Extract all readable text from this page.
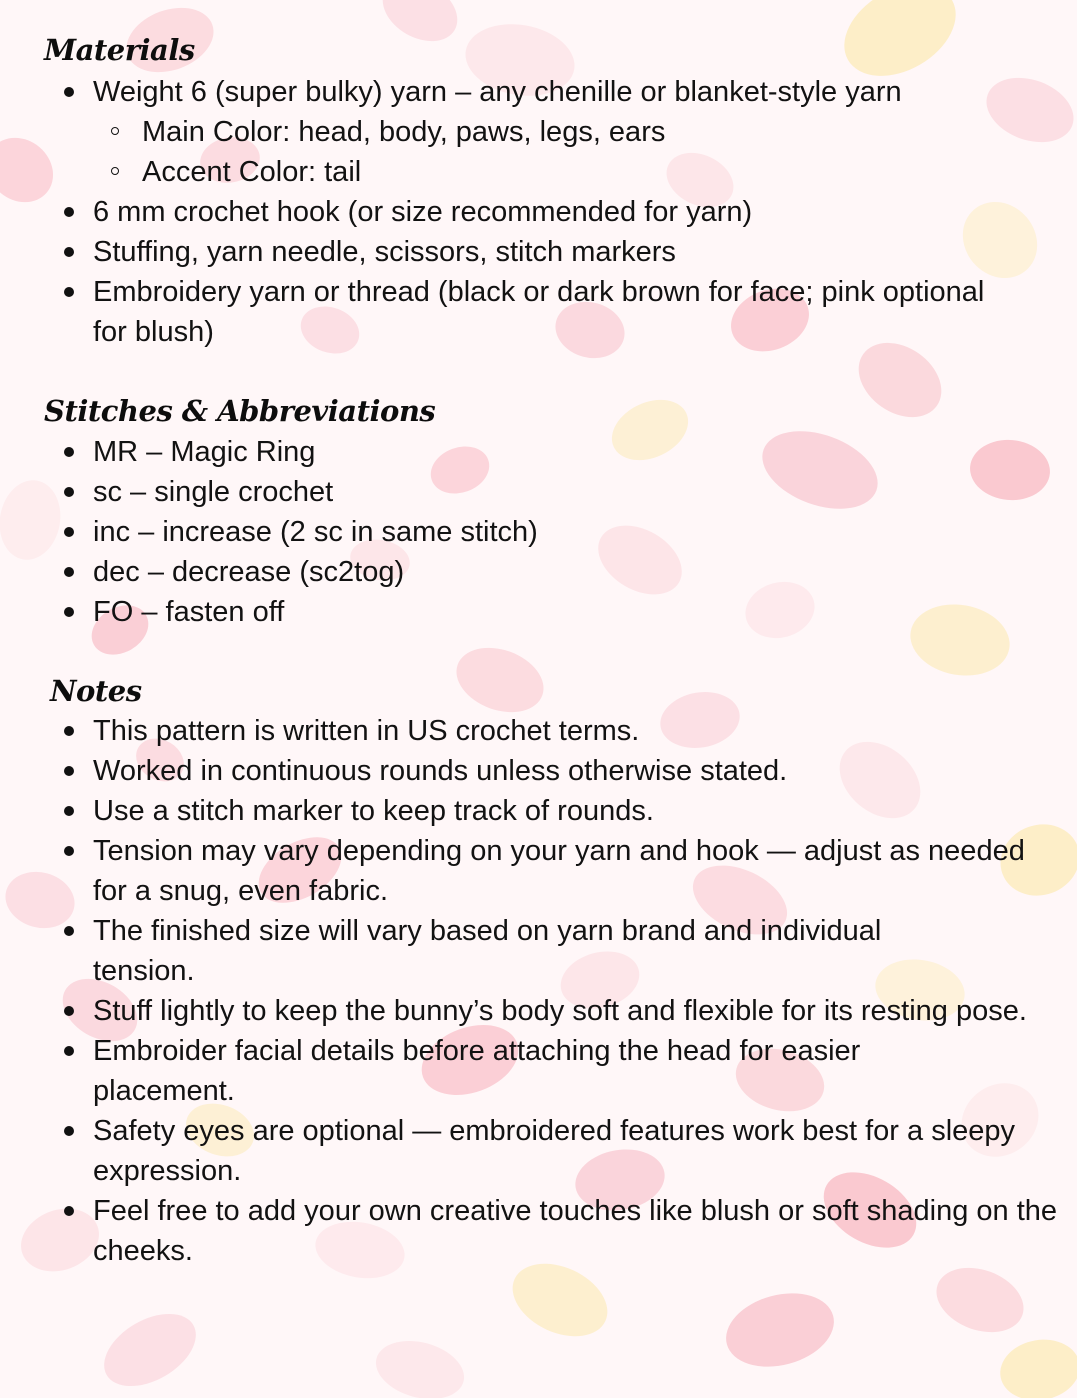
Materials
Weight 6 (super bulky) yarn – any chenille or blanket-style yarn
Main Color: head, body, paws, legs, ears
Accent Color: tail
6 mm crochet hook (or size recommended for yarn)
Stuffing, yarn needle, scissors, stitch markers
Embroidery yarn or thread (black or dark brown for face; pink optional for blush)
Stitches & Abbreviations
MR – Magic Ring
sc – single crochet
inc – increase (2 sc in same stitch)
dec – decrease (sc2tog)
FO – fasten off
Notes
This pattern is written in US crochet terms.
Worked in continuous rounds unless otherwise stated.
Use a stitch marker to keep track of rounds.
Tension may vary depending on your yarn and hook — adjust as needed for a snug, even fabric.
The finished size will vary based on yarn brand and individual tension.
Stuff lightly to keep the bunny’s body soft and flexible for its resting pose.
Embroider facial details before attaching the head for easier placement.
Safety eyes are optional — embroidered features work best for a sleepy expression.
Feel free to add your own creative touches like blush or soft shading on the cheeks.
